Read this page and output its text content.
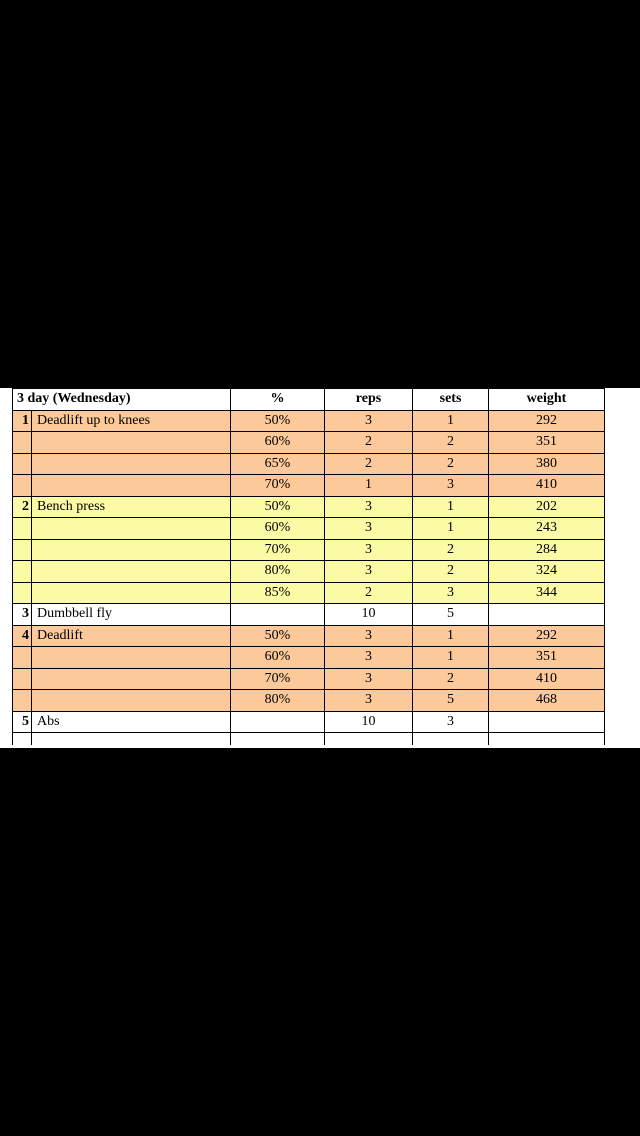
3 day (Wednesday)		%	reps	sets	weight
1	Deadlift up to knees	50%	3	1	292
		60%	2	2	351
		65%	2	2	380
		70%	1	3	410
2	Bench press	50%	3	1	202
		60%	3	1	243
		70%	3	2	284
		80%	3	2	324
		85%	2	3	344
3	Dumbbell fly		10	5	
4	Deadlift	50%	3	1	292
		60%	3	1	351
		70%	3	2	410
		80%	3	5	468
5	Abs		10	3	
